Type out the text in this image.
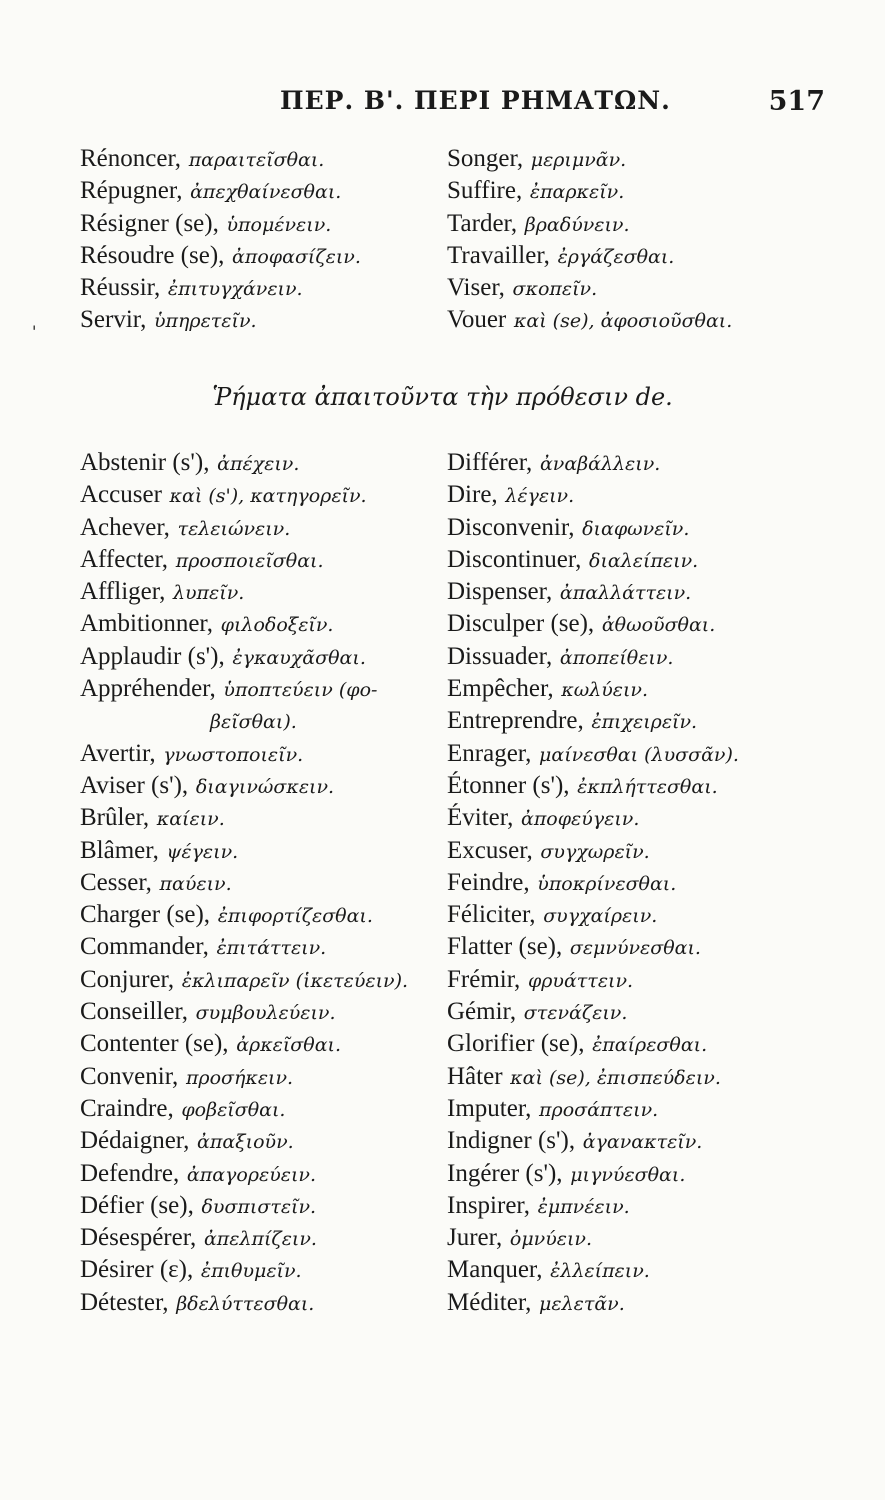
ΠΕΡ. Β'. ΠΕΡΙ ΡΗΜΑΤΩΝ.	517
'
Rénoncer, παραιτεῖσθαι.
Répugner, ἀπεχθαίνεσθαι.
Résigner (se), ὑπομένειν.
Résoudre (se), ἀποφασίζειν.
Réussir, ἐπιτυγχάνειν.
Servir, ὑπηρετεῖν.
Songer, μεριμνᾶν.
Suffire, ἐπαρκεῖν.
Tarder, βραδύνειν.
Travailler, ἐργάζεσθαι.
Viser, σκοπεῖν.
Vouer καὶ (se), ἀφοσιοῦσθαι.
Ῥήματα ἀπαιτοῦντα τὴν πρόθεσιν de.
Abstenir (s'), ἀπέχειν.
Accuser καὶ (s'), κατηγορεῖν.
Achever, τελειώνειν.
Affecter, προσποιεῖσθαι.
Affliger, λυπεῖν.
Ambitionner, φιλοδοξεῖν.
Applaudir (s'), ἐγκαυχᾶσθαι.
Appréhender, ὑποπτεύειν (φο-
βεῖσθαι).
Avertir, γνωστοποιεῖν.
Aviser (s'), διαγινώσκειν.
Brûler, καίειν.
Blâmer, ψέγειν.
Cesser, παύειν.
Charger (se), ἐπιφορτίζεσθαι.
Commander, ἐπιτάττειν.
Conjurer, ἐκλιπαρεῖν (ἱκετεύειν).
Conseiller, συμβουλεύειν.
Contenter (se), ἀρκεῖσθαι.
Convenir, προσήκειν.
Craindre, φοβεῖσθαι.
Dédaigner, ἀπαξιοῦν.
Defendre, ἀπαγορεύειν.
Défier (se), δυσπιστεῖν.
Désespérer, ἀπελπίζειν.
Désirer (ε), ἐπιθυμεῖν.
Détester, βδελύττεσθαι.
Différer, ἀναβάλλειν.
Dire, λέγειν.
Disconvenir, διαφωνεῖν.
Discontinuer, διαλείπειν.
Dispenser, ἀπαλλάττειν.
Disculper (se), ἀθωοῦσθαι.
Dissuader, ἀποπείθειν.
Empêcher, κωλύειν.
Entreprendre, ἐπιχειρεῖν.
Enrager, μαίνεσθαι (λυσσᾶν).
Étonner (s'), ἐκπλήττεσθαι.
Éviter, ἀποφεύγειν.
Excuser, συγχωρεῖν.
Feindre, ὑποκρίνεσθαι.
Féliciter, συγχαίρειν.
Flatter (se), σεμνύνεσθαι.
Frémir, φρυάττειν.
Gémir, στενάζειν.
Glorifier (se), ἐπαίρεσθαι.
Hâter καὶ (se), ἐπισπεύδειν.
Imputer, προσάπτειν.
Indigner (s'), ἀγανακτεῖν.
Ingérer (s'), μιγνύεσθαι.
Inspirer, ἐμπνέειν.
Jurer, ὀμνύειν.
Manquer, ἐλλείπειν.
Méditer, μελετᾶν.
